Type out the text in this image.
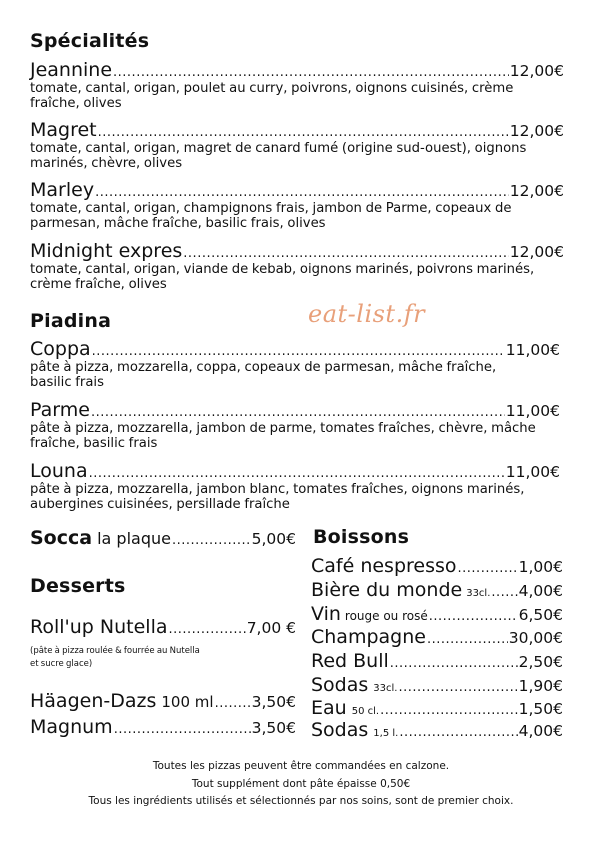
Spécialités
Jeannine .....	12,00€
tomate, cantal, origan, poulet au curry, poivrons, oignons cuisinés, crème fraîche, olives
Magret .....	12,00€
tomate, cantal, origan, magret de canard fumé (origine sud-ouest), oignons marinés, chèvre, olives
Marley .....	12,00€
tomate, cantal, origan, champignons frais, jambon de Parme, copeaux de parmesan, mâche fraîche, basilic frais, olives
Midnight expres .....	12,00€
tomate, cantal, origan, viande de kebab, oignons marinés, poivrons marinés, crème fraîche, olives
Piadina	eat-list.fr
Coppa .....	11,00€
pâte à pizza, mozzarella, coppa, copeaux de parmesan, mâche fraîche, basilic frais
Parme .....	11,00€
pâte à pizza, mozzarella, jambon de parme, tomates fraîches, chèvre, mâche fraîche, basilic frais
Louna .....	11,00€
pâte à pizza, mozzarella, jambon blanc, tomates fraîches, oignons marinés, aubergines cuisinées, persillade fraîche
Socca la plaque .....	5,00€
Desserts
Roll'up Nutella .....	7,00 €
(pâte à pizza roulée & fourrée au Nutella
et sucre glace)
Häagen-Dazs 100 ml ..... 3,50€
Magnum .....	3,50€
Boissons
Café nespresso .....	1,00€
Bière du monde 33cl. ..... 4,00€
Vin rouge ou rosé .....	6,50€
Champagne .....	30,00€
Red Bull .....	2,50€
Sodas 33cl. .....	1,90€
Eau 50 cl. .....	1,50€
Sodas 1,5 l. .....	4,00€
Toutes les pizzas peuvent être commandées en calzone.
Tout supplément dont pâte épaisse 0,50€
Tous les ingrédients utilisés et sélectionnés par nos soins, sont de premier choix.
